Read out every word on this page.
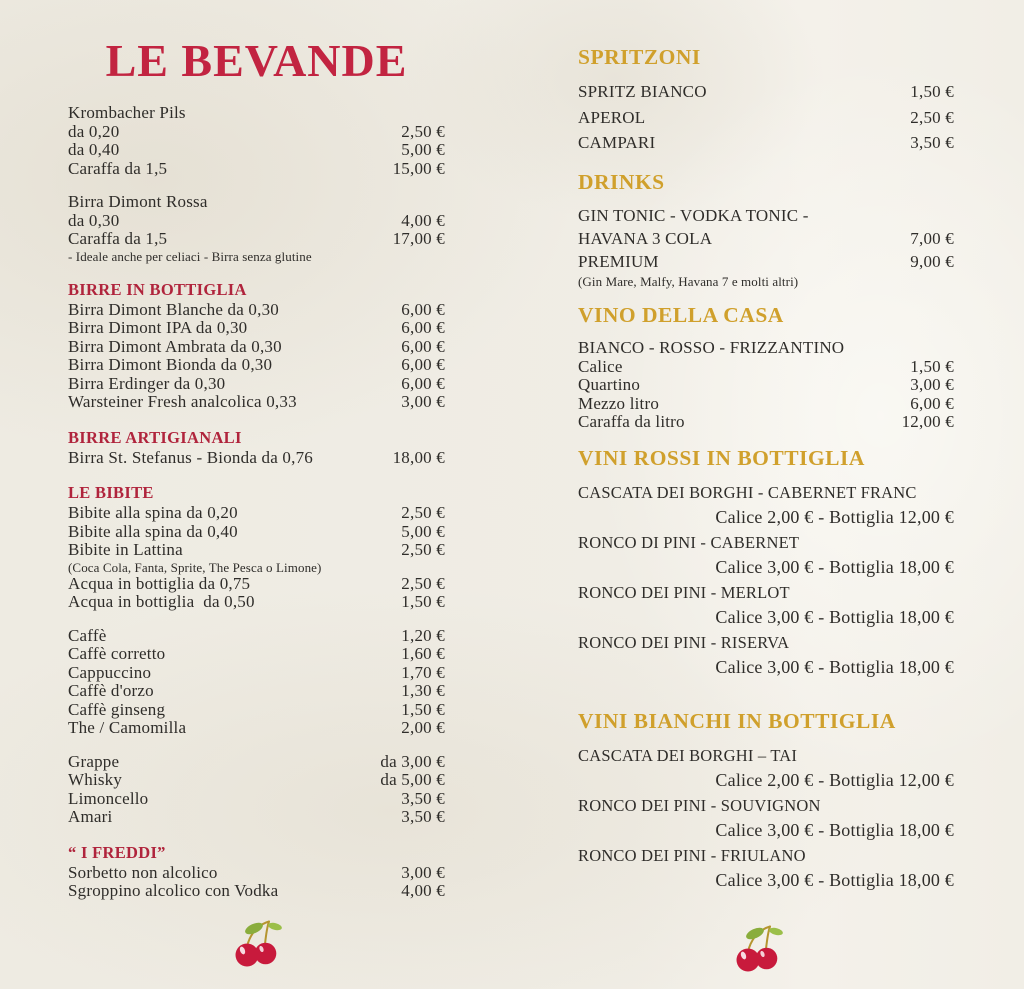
LE BEVANDE
Krombacher Pils
da 0,20	2,50 €
da 0,40	5,00 €
Caraffa da 1,5	15,00 €
Birra Dimont Rossa
da 0,30	4,00 €
Caraffa da 1,5	17,00 €
- Ideale anche per celiaci - Birra senza glutine
BIRRE IN BOTTIGLIA
Birra Dimont Blanche da 0,30	6,00 €
Birra Dimont IPA da 0,30	6,00 €
Birra Dimont Ambrata da 0,30	6,00 €
Birra Dimont Bionda da 0,30	6,00 €
Birra Erdinger da 0,30	6,00 €
Warsteiner Fresh analcolica 0,33	3,00 €
BIRRE ARTIGIANALI
Birra St. Stefanus - Bionda da 0,76	18,00 €
LE BIBITE
Bibite alla spina da 0,20	2,50 €
Bibite alla spina da 0,40	5,00 €
Bibite in Lattina	2,50 €
(Coca Cola, Fanta, Sprite, The Pesca o Limone)
Acqua in bottiglia da 0,75	2,50 €
Acqua in bottiglia  da 0,50	1,50 €
Caffè	1,20 €
Caffè corretto	1,60 €
Cappuccino	1,70 €
Caffè d'orzo	1,30 €
Caffè ginseng	1,50 €
The / Camomilla	2,00 €
Grappe	da 3,00 €
Whisky	da 5,00 €
Limoncello	3,50 €
Amari	3,50 €
“ I FREDDI”
Sorbetto non alcolico	3,00 €
Sgroppino alcolico con Vodka	4,00 €
SPRITZONI
SPRITZ BIANCO	1,50 €
APEROL	2,50 €
CAMPARI	3,50 €
DRINKS
GIN TONIC - VODKA TONIC -
HAVANA 3 COLA	7,00 €
PREMIUM	9,00 €
(Gin Mare, Malfy, Havana 7 e molti altri)
VINO DELLA CASA
BIANCO - ROSSO - FRIZZANTINO
Calice	1,50 €
Quartino	3,00 €
Mezzo litro	6,00 €
Caraffa da litro	12,00 €
VINI ROSSI IN BOTTIGLIA
CASCATA DEI BORGHI - CABERNET FRANC
Calice 2,00 € - Bottiglia 12,00 €
RONCO DI PINI - CABERNET
Calice 3,00 € - Bottiglia 18,00 €
RONCO DEI PINI - MERLOT
Calice 3,00 € - Bottiglia 18,00 €
RONCO DEI PINI - RISERVA
Calice 3,00 € - Bottiglia 18,00 €
VINI BIANCHI IN BOTTIGLIA
CASCATA DEI BORGHI – TAI
Calice 2,00 € - Bottiglia 12,00 €
RONCO DEI PINI - SOUVIGNON
Calice 3,00 € - Bottiglia 18,00 €
RONCO DEI PINI - FRIULANO
Calice 3,00 € - Bottiglia 18,00 €
